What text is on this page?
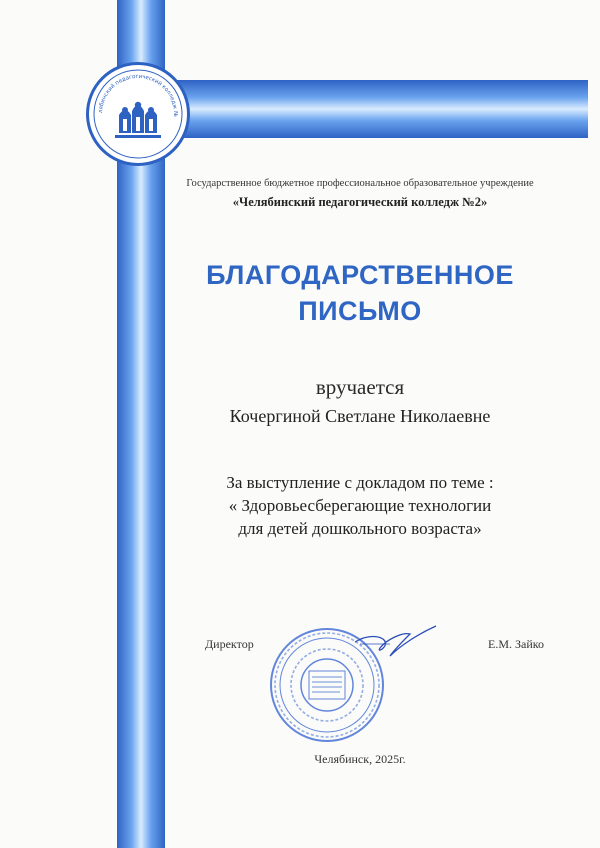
лябинский педагогический колледж №
Государственное бюджетное профессиональное образовательное учреждение
«Челябинский педагогический колледж №2»
БЛАГОДАРСТВЕННОЕ
ПИСЬМО
вручается
Кочергиной Светлане Николаевне
За выступление с докладом по теме :
« Здоровьесберегающие технологии
для детей дошкольного возраста»
Директор	Е.М. Зайко
Челябинск, 2025г.
